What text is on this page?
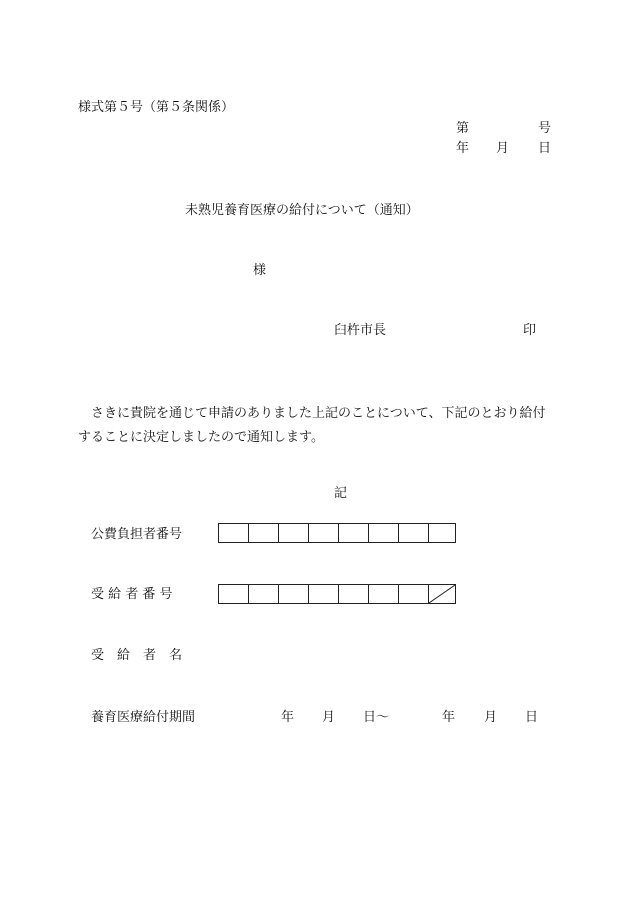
様式第５号（第５条関係）
第	号
年 月 日
未熟児養育医療の給付について（通知）
様
臼杵市長	印
さきに貴院を通じて申請のありました上記のことについて、下記のとおり給付することに決定しましたので通知します。
記
公費負担者番号
受 給 者 番 号
受　給　者　名
養育医療給付期間	年 月 日〜	年 月 日
